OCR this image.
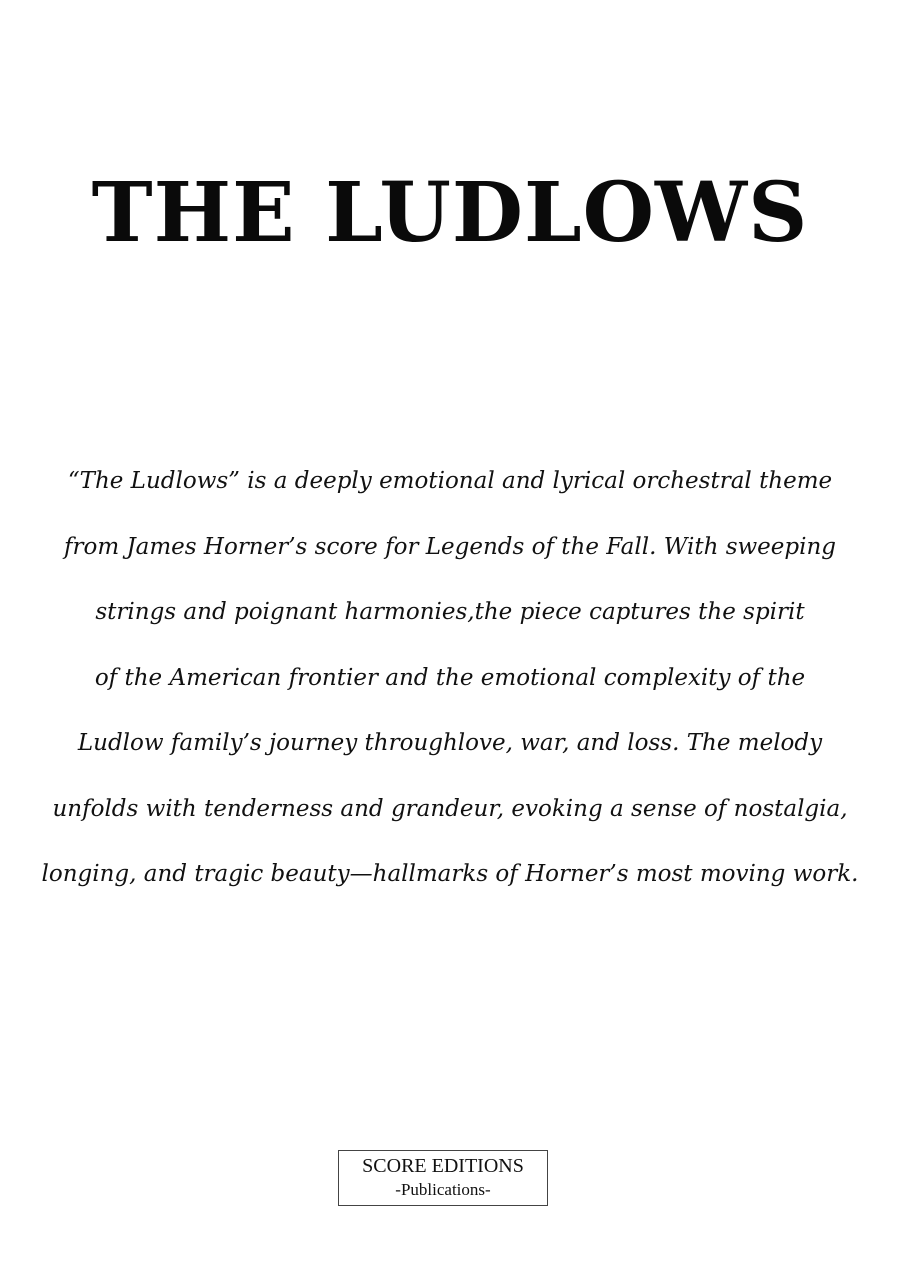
THE LUDLOWS
“The Ludlows” is a deeply emotional and lyrical orchestral theme
from James Horner’s score for Legends of the Fall. With sweeping
strings and poignant harmonies,the piece captures the spirit
of the American frontier and the emotional complexity of the
Ludlow family’s journey throughlove, war, and loss. The melody
unfolds with tenderness and grandeur, evoking a sense of nostalgia,
longing, and tragic beauty—hallmarks of Horner’s most moving work.
SCORE EDITIONS
-Publications-
